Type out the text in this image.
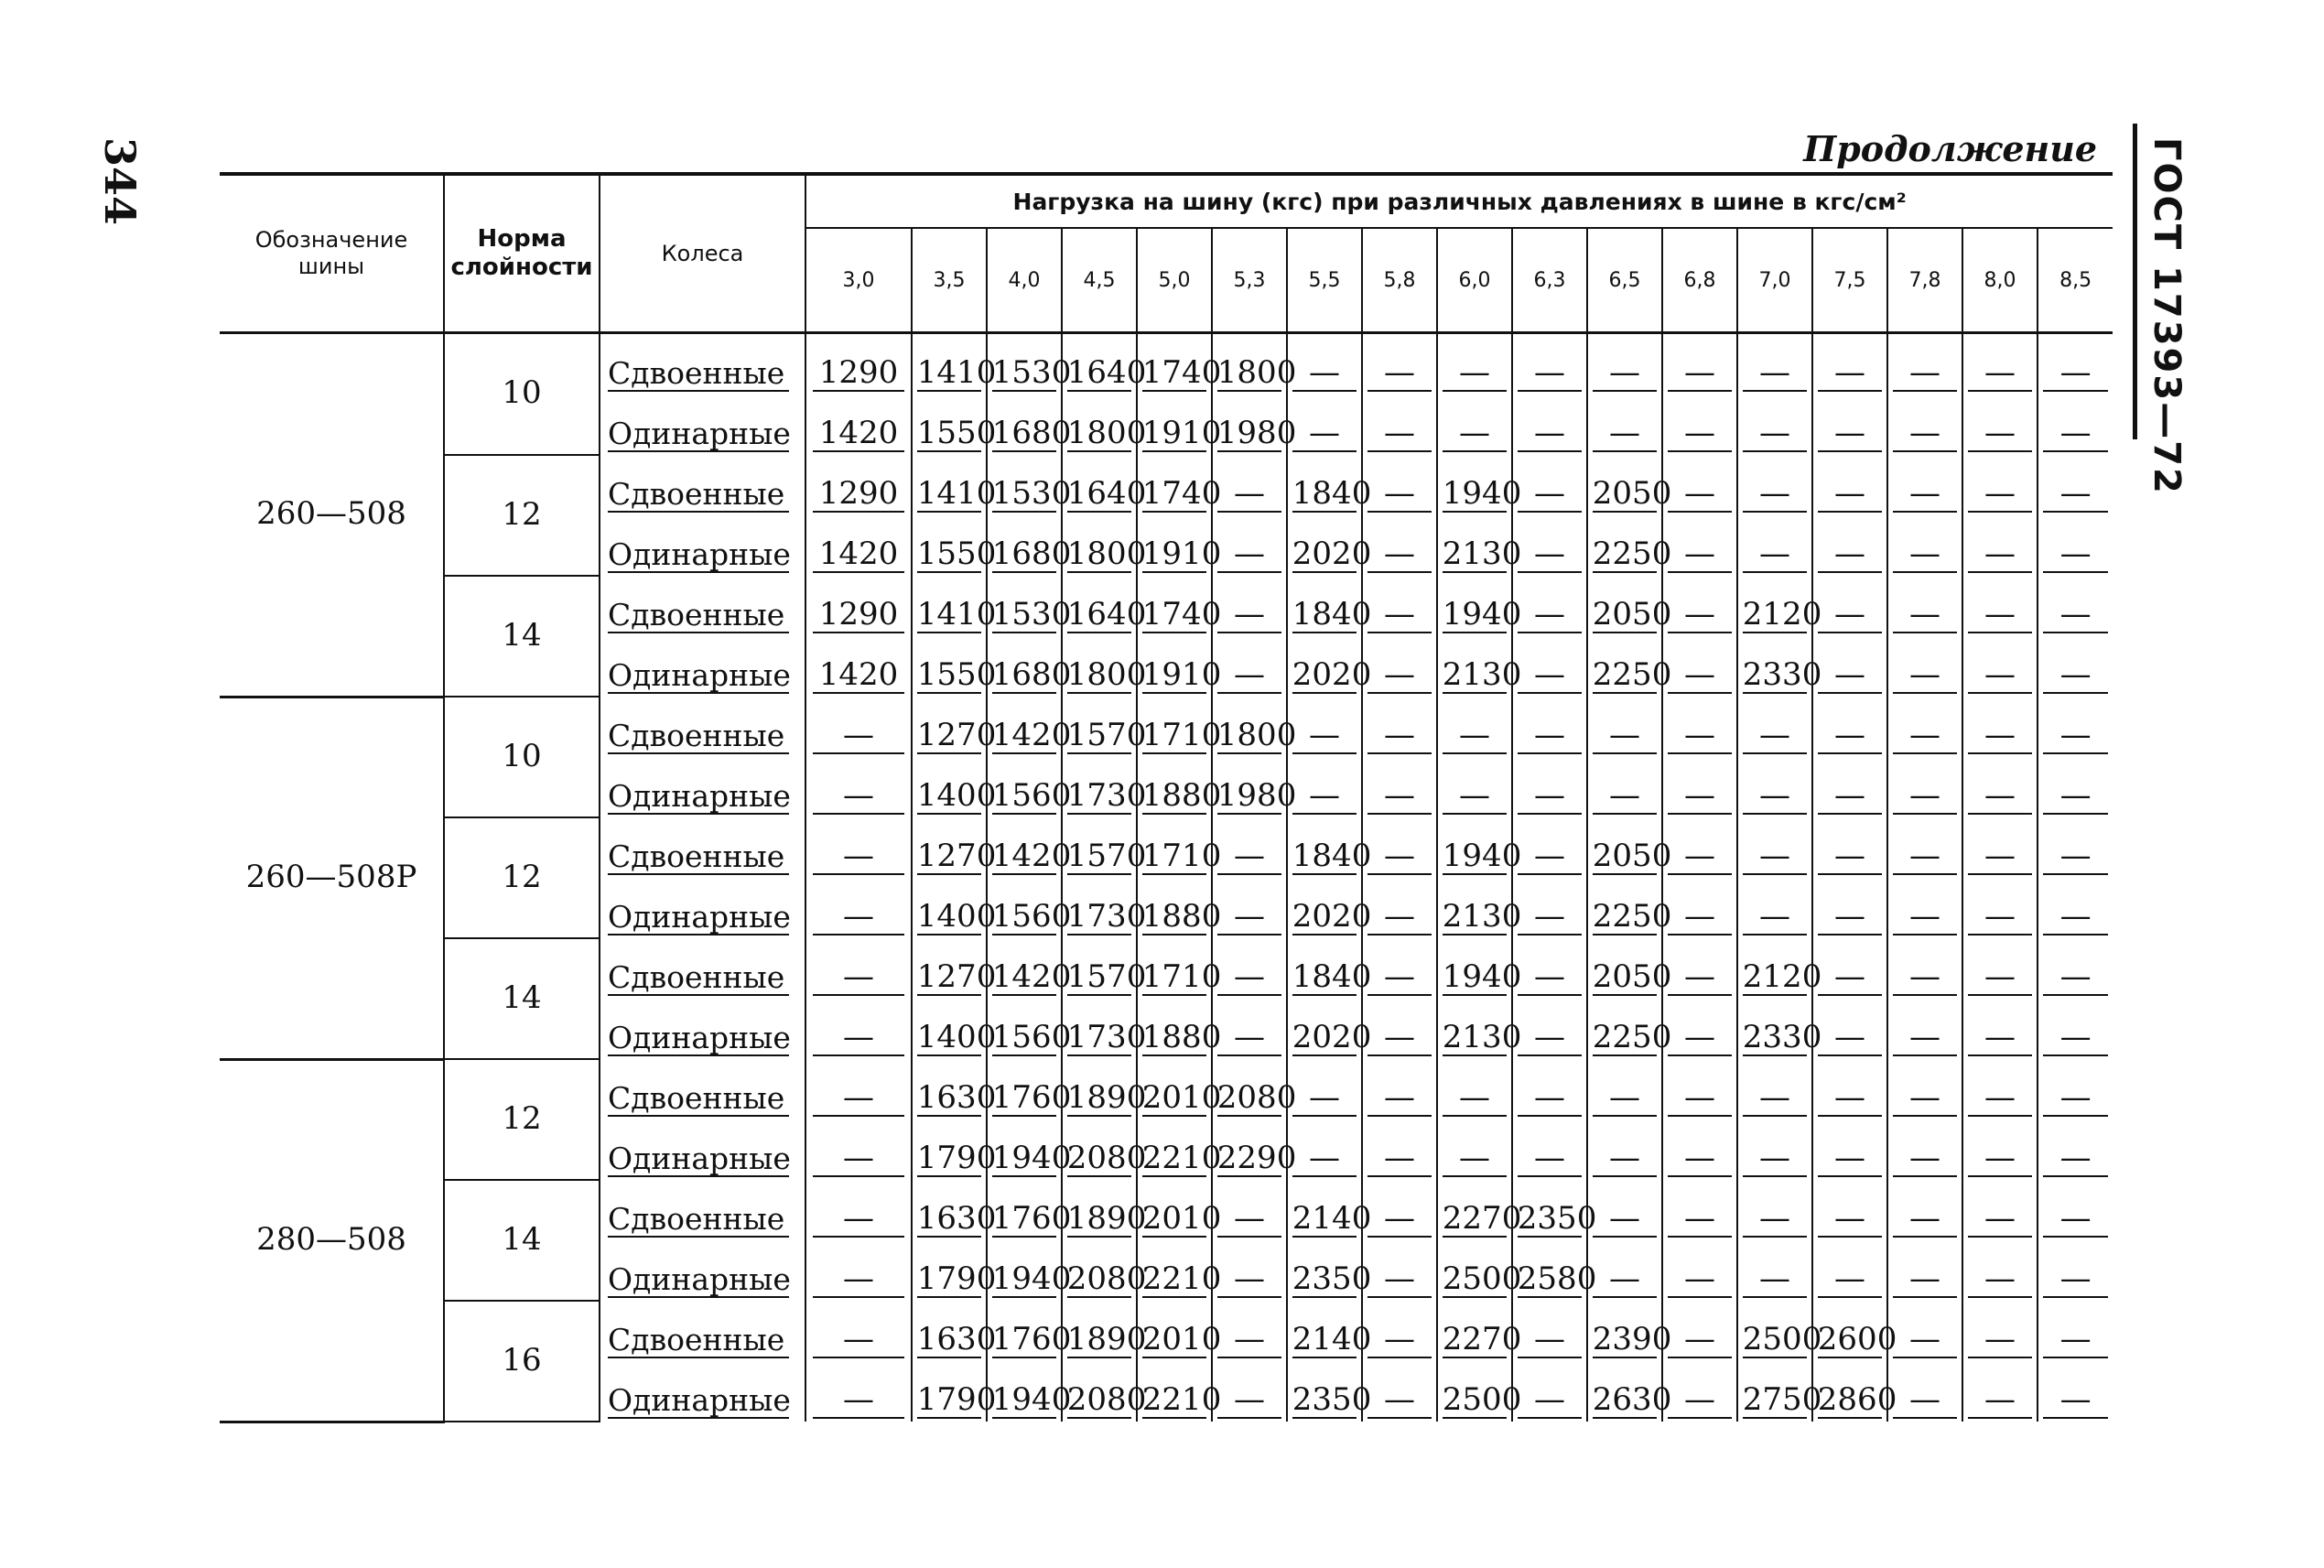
344	ГОСТ 17393—72
Продолжение
Обозначение шины	Норма слойности	Колеса	Нагрузка на шину (кгс) при различных давлениях в шине в кгс/см²																
			3,0	3,5	4,0	4,5	5,0	5,3	5,5	5,8	6,0	6,3	6,5	6,8	7,0	7,5	7,8	8,0	8,5
260—508	10	Сдвоенные	1290	1410	1530	1640	1740	1800	—	—	—	—	—	—	—	—	—	—	—
		Одинарные	1420	1550	1680	1800	1910	1980	—	—	—	—	—	—	—	—	—	—	—
	12	Сдвоенные	1290	1410	1530	1640	1740	—	1840	—	1940	—	2050	—	—	—	—	—	—
		Одинарные	1420	1550	1680	1800	1910	—	2020	—	2130	—	2250	—	—	—	—	—	—
	14	Сдвоенные	1290	1410	1530	1640	1740	—	1840	—	1940	—	2050	—	2120	—	—	—	—
		Одинарные	1420	1550	1680	1800	1910	—	2020	—	2130	—	2250	—	2330	—	—	—	—
260—508Р	10	Сдвоенные	—	1270	1420	1570	1710	1800	—	—	—	—	—	—	—	—	—	—	—
		Одинарные	—	1400	1560	1730	1880	1980	—	—	—	—	—	—	—	—	—	—	—
	12	Сдвоенные	—	1270	1420	1570	1710	—	1840	—	1940	—	2050	—	—	—	—	—	—
		Одинарные	—	1400	1560	1730	1880	—	2020	—	2130	—	2250	—	—	—	—	—	—
	14	Сдвоенные	—	1270	1420	1570	1710	—	1840	—	1940	—	2050	—	2120	—	—	—	—
		Одинарные	—	1400	1560	1730	1880	—	2020	—	2130	—	2250	—	2330	—	—	—	—
280—508	12	Сдвоенные	—	1630	1760	1890	2010	2080	—	—	—	—	—	—	—	—	—	—	—
		Одинарные	—	1790	1940	2080	2210	2290	—	—	—	—	—	—	—	—	—	—	—
	14	Сдвоенные	—	1630	1760	1890	2010	—	2140	—	2270	2350	—	—	—	—	—	—	—
		Одинарные	—	1790	1940	2080	2210	—	2350	—	2500	2580	—	—	—	—	—	—	—
	16	Сдвоенные	—	1630	1760	1890	2010	—	2140	—	2270	—	2390	—	2500	2600	—	—	—
		Одинарные	—	1790	1940	2080	2210	—	2350	—	2500	—	2630	—	2750	2860	—	—	—
